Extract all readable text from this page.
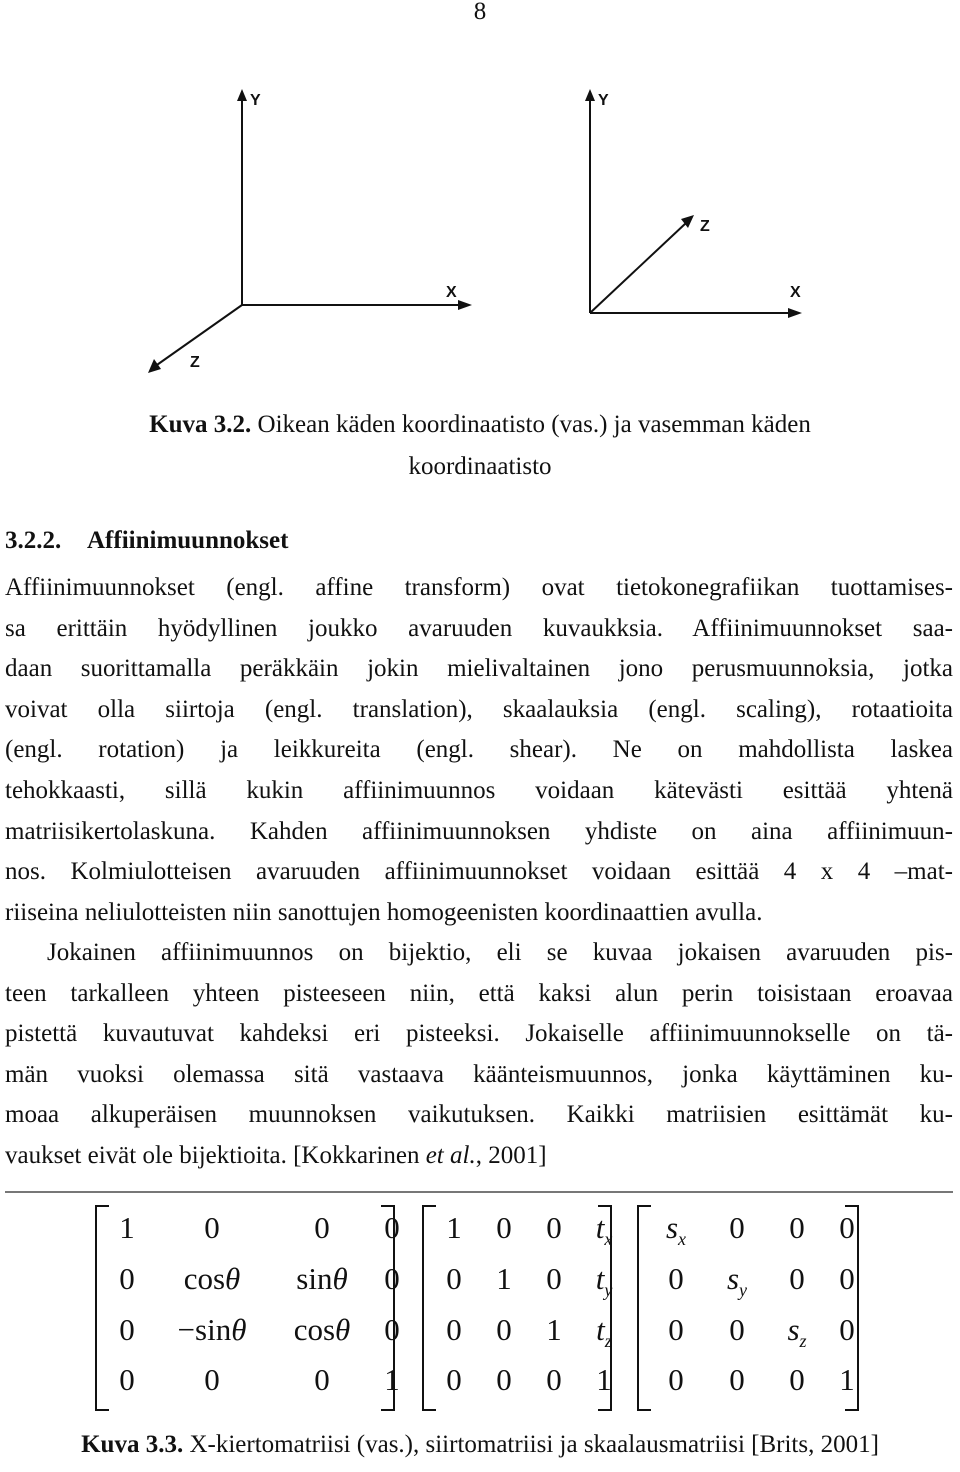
8
Y
X
Z
Y
X
Z
Kuva 3.2. Oikean käden koordinaatisto (vas.) ja vasemman käden
koordinaatisto
3.2.2. Affiinimuunnokset
Affiinimuunnokset (engl. affine transform) ovat tietokonegrafiikan tuottamises-
sa erittäin hyödyllinen joukko avaruuden kuvaukksia. Affiinimuunnokset saa-
daan suorittamalla peräkkäin jokin mielivaltainen jono perusmuunnoksia, jotka
voivat olla siirtoja (engl. translation), skaalauksia (engl. scaling), rotaatioita
(engl. rotation) ja leikkureita (engl. shear). Ne on mahdollista laskea
tehokkaasti, sillä kukin affiinimuunnos voidaan kätevästi esittää yhtenä
matriisikertolaskuna. Kahden affiinimuunnoksen yhdiste on aina affiinimuun-
nos. Kolmiulotteisen avaruuden affiinimuunnokset voidaan esittää 4 x 4 –mat-
riiseina neliulotteisten niin sanottujen homogeenisten koordinaattien avulla.
Jokainen affiinimuunnos on bijektio, eli se kuvaa jokaisen avaruuden pis-
teen tarkalleen yhteen pisteeseen niin, että kaksi alun perin toisistaan eroavaa
pistettä kuvautuvat kahdeksi eri pisteeksi. Jokaiselle affiinimuunnokselle on tä-
män vuoksi olemassa sitä vastaava käänteismuunnos, jonka käyttäminen ku-
moaa alkuperäisen muunnoksen vaikutuksen. Kaikki matriisien esittämät ku-
vaukset eivät ole bijektioita. [Kokkarinen et al., 2001]
1	0	0	0
0	cosθ	sinθ	0
0	−sinθ	cosθ	0
0	0	0	1
1	0	0	$t_x$
0	1	0	$t_y$
0	0	1	$t_z$
0	0	0	1
$s_x$	0	0	0
0	$s_y$	0	0
0	0	$s_z$	0
0	0	0	1
Kuva 3.3. X-kiertomatriisi (vas.), siirtomatriisi ja skaalausmatriisi [Brits, 2001]
